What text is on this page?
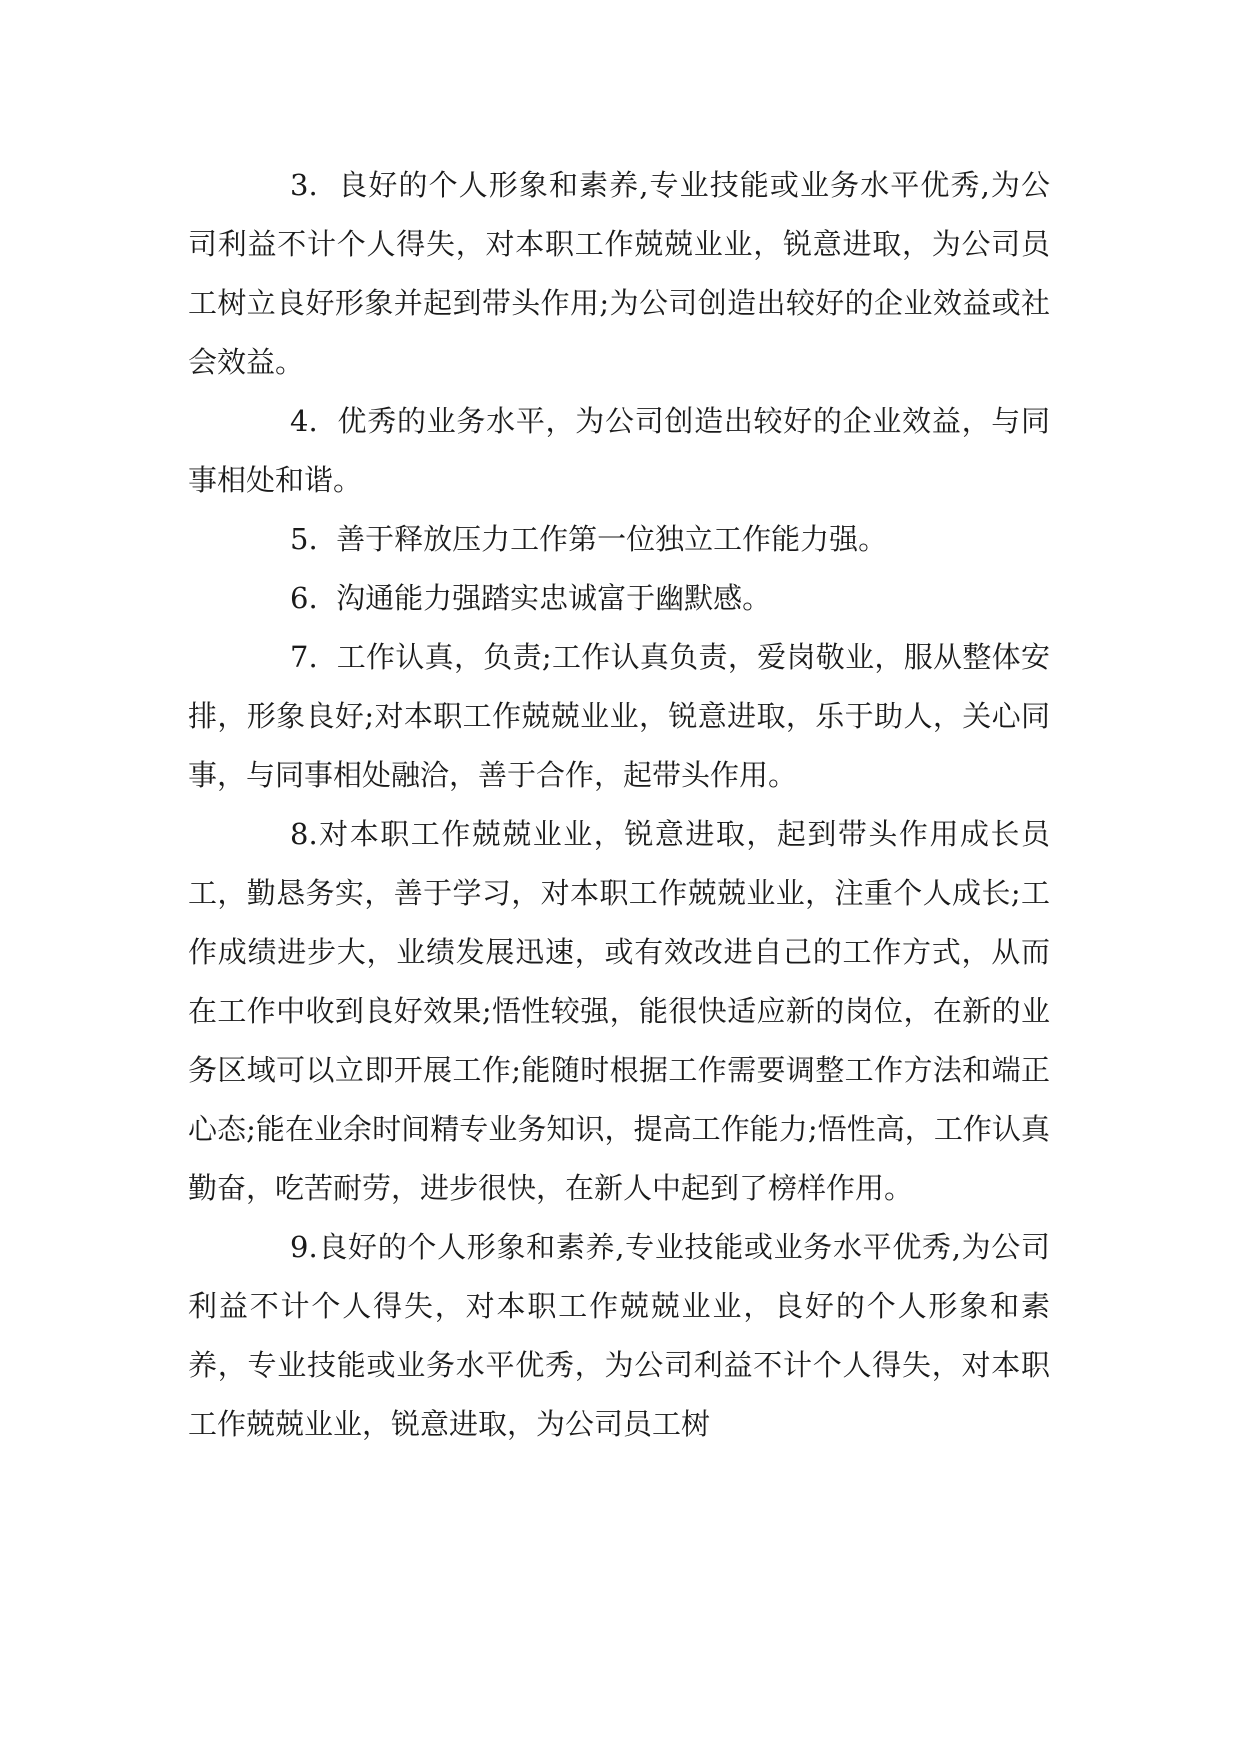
3. 良好的个人形象和素养,专业技能或业务水平优秀,为公司利益不计个人得失，对本职工作兢兢业业，锐意进取，为公司员工树立良好形象并起到带头作用;为公司创造出较好的企业效益或社会效益。

4. 优秀的业务水平，为公司创造出较好的企业效益，与同事相处和谐。

5. 善于释放压力工作第一位独立工作能力强。

6. 沟通能力强踏实忠诚富于幽默感。

7. 工作认真，负责;工作认真负责，爱岗敬业，服从整体安排，形象良好;对本职工作兢兢业业，锐意进取，乐于助人，关心同事，与同事相处融洽，善于合作，起带头作用。

8.对本职工作兢兢业业，锐意进取，起到带头作用成长员工，勤恳务实，善于学习，对本职工作兢兢业业，注重个人成长;工作成绩进步大，业绩发展迅速，或有效改进自己的工作方式，从而在工作中收到良好效果;悟性较强，能很快适应新的岗位，在新的业务区域可以立即开展工作;能随时根据工作需要调整工作方法和端正心态;能在业余时间精专业务知识，提高工作能力;悟性高，工作认真勤奋，吃苦耐劳，进步很快，在新人中起到了榜样作用。

9.良好的个人形象和素养,专业技能或业务水平优秀,为公司利益不计个人得失，对本职工作兢兢业业，良好的个人形象和素养，专业技能或业务水平优秀，为公司利益不计个人得失，对本职工作兢兢业业，锐意进取，为公司员工树
